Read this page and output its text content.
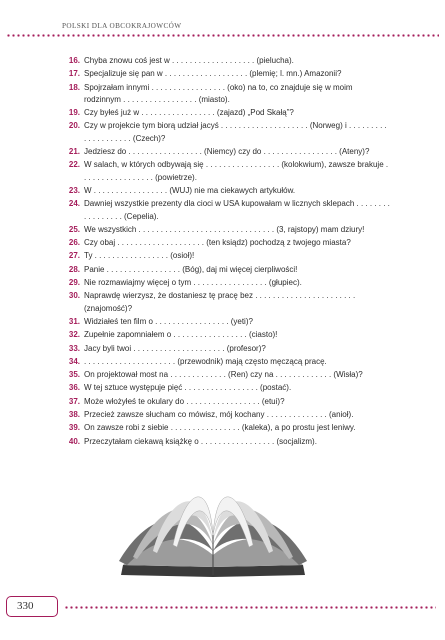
POLSKI DLA OBCOKRAJOWCÓW
16. Chyba znowu coś jest w . . . . . . . . . . . . . . . . . . . (pielucha).
17. Specjalizuje się pan w . . . . . . . . . . . . . . . . . . . (plemię; l. mn.) Amazonii?
18. Spojrzałam innymi . . . . . . . . . . . . . . . . . (oko) na to, co znajduje się w moim rodzinnym . . . . . . . . . . . . . . . . . (miasto).
19. Czy byłeś już w . . . . . . . . . . . . . . . . . (zajazd) „Pod Skałą”?
20. Czy w projekcie tym biorą udział jacyś . . . . . . . . . . . . . . . . . . . . (Norweg) i . . . . . . . . . . . . . . . . . . . . (Czech)?
21. Jedziesz do . . . . . . . . . . . . . . . . . (Niemcy) czy do . . . . . . . . . . . . . . . . . (Ateny)?
22. W salach, w których odbywają się . . . . . . . . . . . . . . . . . (kolokwium), zawsze brakuje . . . . . . . . . . . . . . . . . (powietrze).
23. W . . . . . . . . . . . . . . . . . (WUJ) nie ma ciekawych artykułów.
24. Dawniej wszystkie prezenty dla cioci w USA kupowałam w licznych sklepach . . . . . . . . . . . . . . . . . (Cepelia).
25. We wszystkich . . . . . . . . . . . . . . . . . . . . . . . . . . . . . . . (3, rajstopy) mam dziury!
26. Czy obaj . . . . . . . . . . . . . . . . . . . . (ten ksiądz) pochodzą z twojego miasta?
27. Ty . . . . . . . . . . . . . . . . . (osioł)!
28. Panie . . . . . . . . . . . . . . . . . (Bóg), daj mi więcej cierpliwości!
29. Nie rozmawiajmy więcej o tym . . . . . . . . . . . . . . . . . (głupiec).
30. Naprawdę wierzysz, że dostaniesz tę pracę bez . . . . . . . . . . . . . . . . . . . . . . . (znajomość)?
31. Widziałeś ten film o . . . . . . . . . . . . . . . . . (yeti)?
32. Zupełnie zapomniałem o . . . . . . . . . . . . . . . . . (ciasto)!
33. Jacy byli twoi . . . . . . . . . . . . . . . . . . . . . (profesor)?
34. . . . . . . . . . . . . . . . . . . . . . (przewodnik) mają często męczącą pracę.
35. On projektował most na . . . . . . . . . . . . . (Ren) czy na . . . . . . . . . . . . . (Wisła)?
36. W tej sztuce występuje pięć . . . . . . . . . . . . . . . . . (postać).
37. Może włożyłeś te okulary do . . . . . . . . . . . . . . . . . (etui)?
38. Przecież zawsze słucham co mówisz, mój kochany . . . . . . . . . . . . . . (anioł).
39. On zawsze robi z siebie . . . . . . . . . . . . . . . . (kaleka), a po prostu jest leniwy.
40. Przeczytałam ciekawą książkę o . . . . . . . . . . . . . . . . . (socjalizm).
330
